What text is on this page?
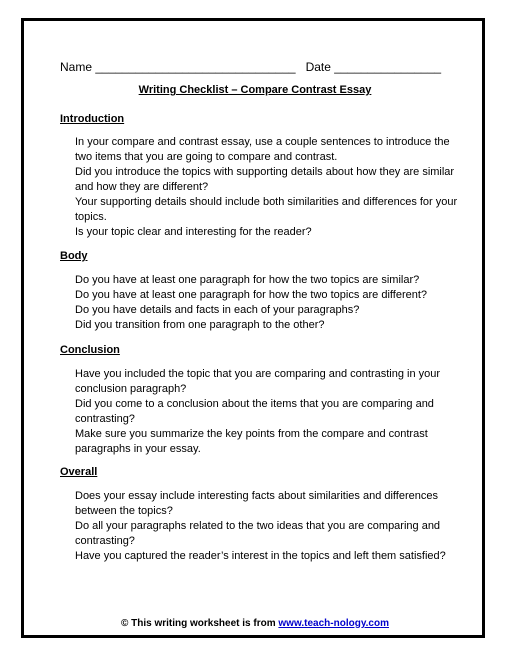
Name ______________________________ Date ________________
Writing Checklist – Compare Contrast Essay
Introduction
In your compare and contrast essay, use a couple sentences to introduce the two items that you are going to compare and contrast.
Did you introduce the topics with supporting details about how they are similar and how they are different?
Your supporting details should include both similarities and differences for your topics.
Is your topic clear and interesting for the reader?
Body
Do you have at least one paragraph for how the two topics are similar?
Do you have at least one paragraph for how the two topics are different?
Do you have details and facts in each of your paragraphs?
Did you transition from one paragraph to the other?
Conclusion
Have you included the topic that you are comparing and contrasting in your conclusion paragraph?
Did you come to a conclusion about the items that you are comparing and contrasting?
Make sure you summarize the key points from the compare and contrast paragraphs in your essay.
Overall
Does your essay include interesting facts about similarities and differences between the topics?
Do all your paragraphs related to the two ideas that you are comparing and contrasting?
Have you captured the reader’s interest in the topics and left them satisfied?
© This writing worksheet is from www.teach-nology.com
